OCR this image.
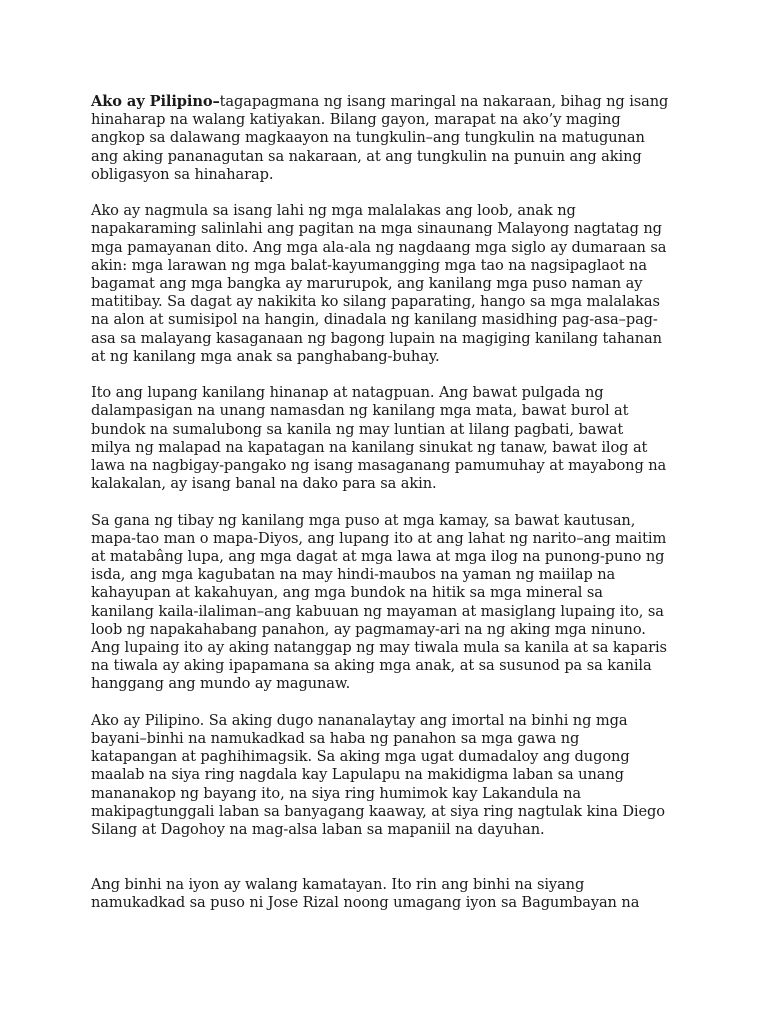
Ako ay Pilipino–tagapagmana ng isang maringal na nakaraan, bihag ng isang
hinaharap na walang katiyakan. Bilang gayon, marapat na ako’y maging
angkop sa dalawang magkaayon na tungkulin–ang tungkulin na matugunan
ang aking pananagutan sa nakaraan, at ang tungkulin na punuin ang aking
obligasyon sa hinaharap.

Ako ay nagmula sa isang lahi ng mga malalakas ang loob, anak ng
napakaraming salinlahi ang pagitan na mga sinaunang Malayong nagtatag ng
mga pamayanan dito. Ang mga ala-ala ng nagdaang mga siglo ay dumaraan sa
akin: mga larawan ng mga balat-kayumangging mga tao na nagsipaglaot na
bagamat ang mga bangka ay marurupok, ang kanilang mga puso naman ay
matitibay. Sa dagat ay nakikita ko silang paparating, hango sa mga malalakas
na alon at sumisipol na hangin, dinadala ng kanilang masidhing pag-asa–pag-
asa sa malayang kasaganaan ng bagong lupain na magiging kanilang tahanan
at ng kanilang mga anak sa panghabang-buhay.

Ito ang lupang kanilang hinanap at natagpuan. Ang bawat pulgada ng
dalampasigan na unang namasdan ng kanilang mga mata, bawat burol at
bundok na sumalubong sa kanila ng may luntian at lilang pagbati, bawat
milya ng malapad na kapatagan na kanilang sinukat ng tanaw, bawat ilog at
lawa na nagbigay-pangako ng isang masaganang pamumuhay at mayabong na
kalakalan, ay isang banal na dako para sa akin.

Sa gana ng tibay ng kanilang mga puso at mga kamay, sa bawat kautusan,
mapa-tao man o mapa-Diyos, ang lupang ito at ang lahat ng narito–ang maitim
at matabâng lupa, ang mga dagat at mga lawa at mga ilog na punong-puno ng
isda, ang mga kagubatan na may hindi-maubos na yaman ng maiilap na
kahayupan at kakahuyan, ang mga bundok na hitik sa mga mineral sa
kanilang kaila-ilaliman–ang kabuuan ng mayaman at masiglang lupaing ito, sa
loob ng napakahabang panahon, ay pagmamay-ari na ng aking mga ninuno.
Ang lupaing ito ay aking natanggap ng may tiwala mula sa kanila at sa kaparis
na tiwala ay aking ipapamana sa aking mga anak, at sa susunod pa sa kanila
hanggang ang mundo ay magunaw.

Ako ay Pilipino. Sa aking dugo nananalaytay ang imortal na binhi ng mga
bayani–binhi na namukadkad sa haba ng panahon sa mga gawa ng
katapangan at paghihimagsik. Sa aking mga ugat dumadaloy ang dugong
maalab na siya ring nagdala kay Lapulapu na makidigma laban sa unang
mananakop ng bayang ito, na siya ring humimok kay Lakandula na
makipagtunggali laban sa banyagang kaaway, at siya ring nagtulak kina Diego
Silang at Dagohoy na mag-alsa laban sa mapaniil na dayuhan.

Ang binhi na iyon ay walang kamatayan. Ito rin ang binhi na siyang
namukadkad sa puso ni Jose Rizal noong umagang iyon sa Bagumbayan na
